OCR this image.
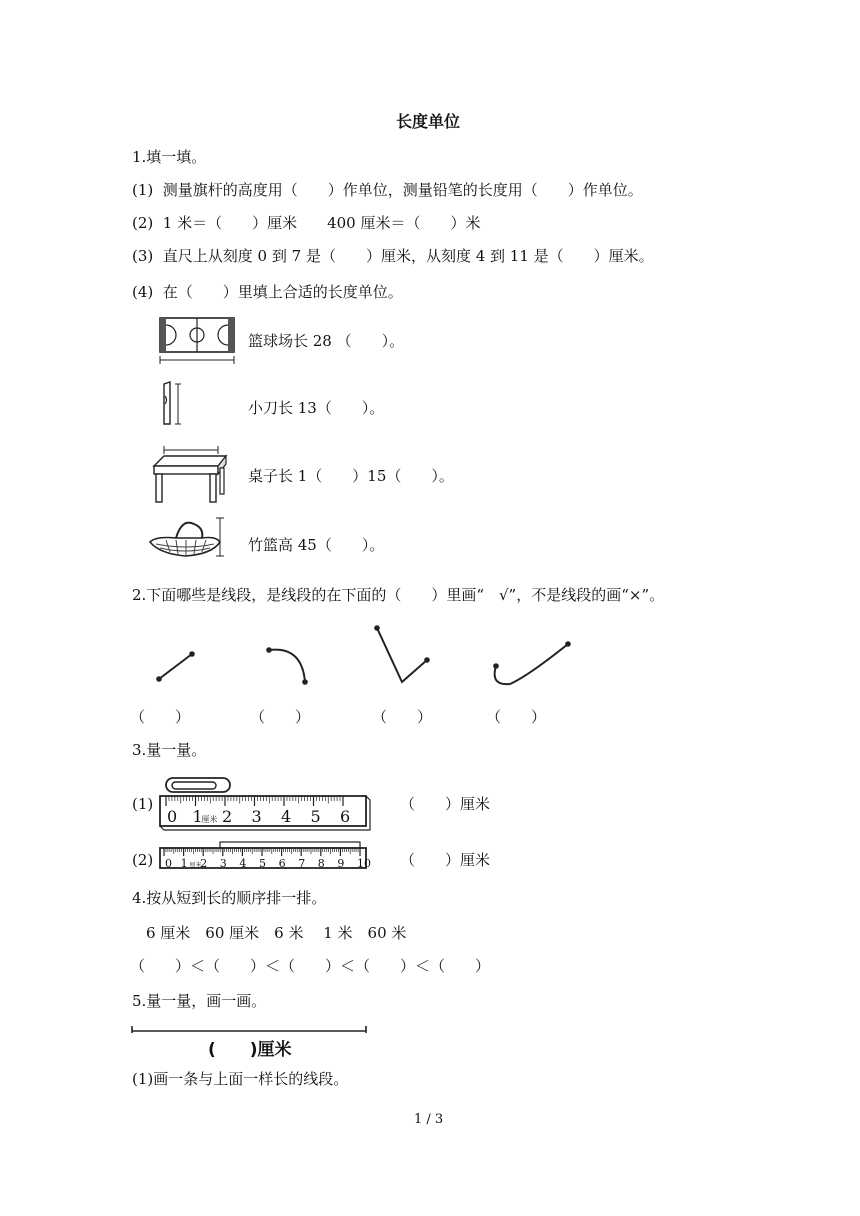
长度单位
1.填一填。
(1)  测量旗杆的高度用（　　）作单位，测量铅笔的长度用（　　）作单位。
(2)  1 米＝（　　）厘米　　400 厘米＝（　　）米
(3)  直尺上从刻度 0 到 7 是（　　）厘米，从刻度 4 到 11 是（　　）厘米。
(4)  在（　　）里填上合适的长度单位。
篮球场长 28 （　　）。
小刀长 13（　　）。
桌子长 1（　　）15（　　）。
竹篮高 45（　　）。
2.下面哪些是线段，是线段的在下面的（　　）里画“　√”，不是线段的画“×”。
（　　）	（　　）	（　　）	（　　）
3.量一量。
(1)
0 1 2 3 4 5 6
厘米
（　　）厘米
(2) 0 1 2 3 4 5 6 7 8 9 10
厘米	（　　）厘米
4.按从短到长的顺序排一排。
6 厘米　60 厘米　6 米　 1 米　60 米
（　　）＜（　　）＜（　　）＜（　　）＜（　　）
5.量一量，画一画。
(　　)厘米
(1)画一条与上面一样长的线段。
1 / 3
